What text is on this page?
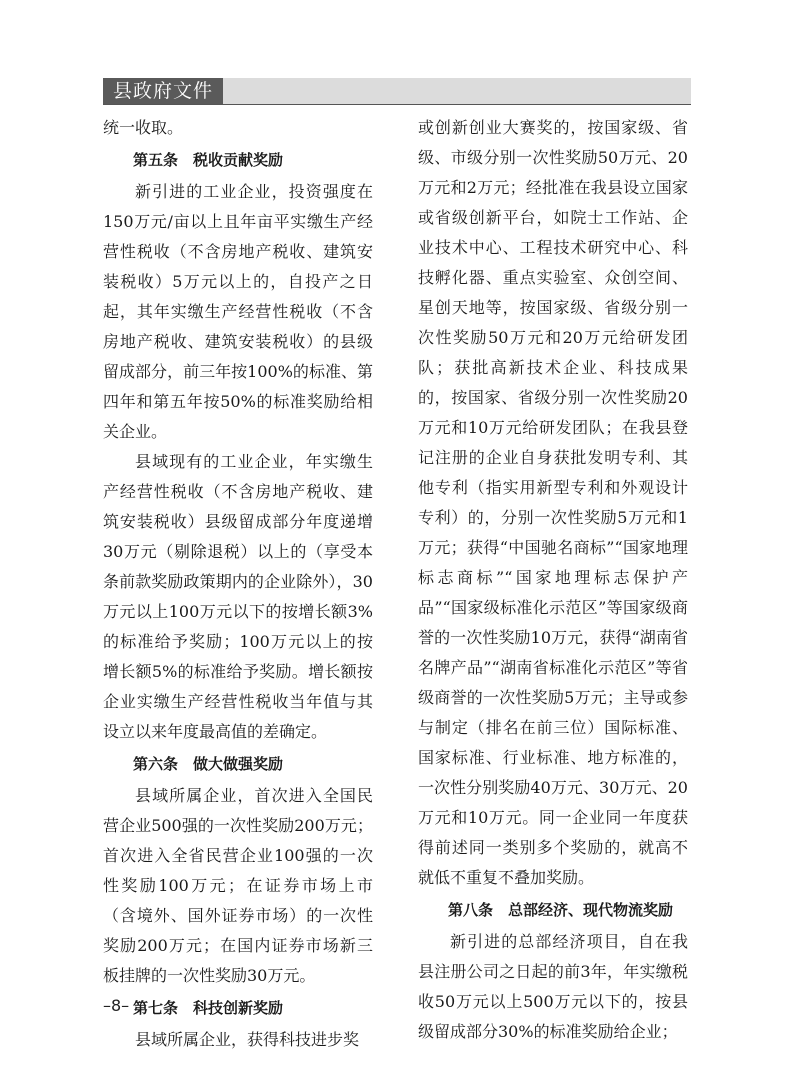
县政府文件

统一收取。

第五条　税收贡献奖励

新引进的工业企业，投资强度在150万元/亩以上且年亩平实缴生产经营性税收（不含房地产税收、建筑安装税收）5万元以上的，自投产之日起，其年实缴生产经营性税收（不含房地产税收、建筑安装税收）的县级留成部分，前三年按100%的标准、第四年和第五年按50%的标准奖励给相关企业。

县域现有的工业企业，年实缴生产经营性税收（不含房地产税收、建筑安装税收）县级留成部分年度递增30万元（剔除退税）以上的（享受本条前款奖励政策期内的企业除外），30万元以上100万元以下的按增长额3%的标准给予奖励；100万元以上的按增长额5%的标准给予奖励。增长额按企业实缴生产经营性税收当年值与其设立以来年度最高值的差确定。

第六条　做大做强奖励

县域所属企业，首次进入全国民营企业500强的一次性奖励200万元；首次进入全省民营企业100强的一次性奖励100万元；在证券市场上市（含境外、国外证券市场）的一次性奖励200万元；在国内证券市场新三板挂牌的一次性奖励30万元。

第七条　科技创新奖励

县域所属企业，获得科技进步奖

或创新创业大赛奖的，按国家级、省级、市级分别一次性奖励50万元、20万元和2万元；经批准在我县设立国家或省级创新平台，如院士工作站、企业技术中心、工程技术研究中心、科技孵化器、重点实验室、众创空间、星创天地等，按国家级、省级分别一次性奖励50万元和20万元给研发团队；获批高新技术企业、科技成果的，按国家、省级分别一次性奖励20万元和10万元给研发团队；在我县登记注册的企业自身获批发明专利、其他专利（指实用新型专利和外观设计专利）的，分别一次性奖励5万元和1万元；获得“中国驰名商标”“国家地理标志商标”“国家地理标志保护产品”“国家级标准化示范区”等国家级商誉的一次性奖励10万元，获得“湖南省名牌产品”“湖南省标准化示范区”等省级商誉的一次性奖励5万元；主导或参与制定（排名在前三位）国际标准、国家标准、行业标准、地方标准的，一次性分别奖励40万元、30万元、20万元和10万元。同一企业同一年度获得前述同一类别多个奖励的，就高不就低不重复不叠加奖励。

第八条　总部经济、现代物流奖励

新引进的总部经济项目，自在我县注册公司之日起的前3年，年实缴税收50万元以上500万元以下的，按县级留成部分30%的标准奖励给企业；

–8–
